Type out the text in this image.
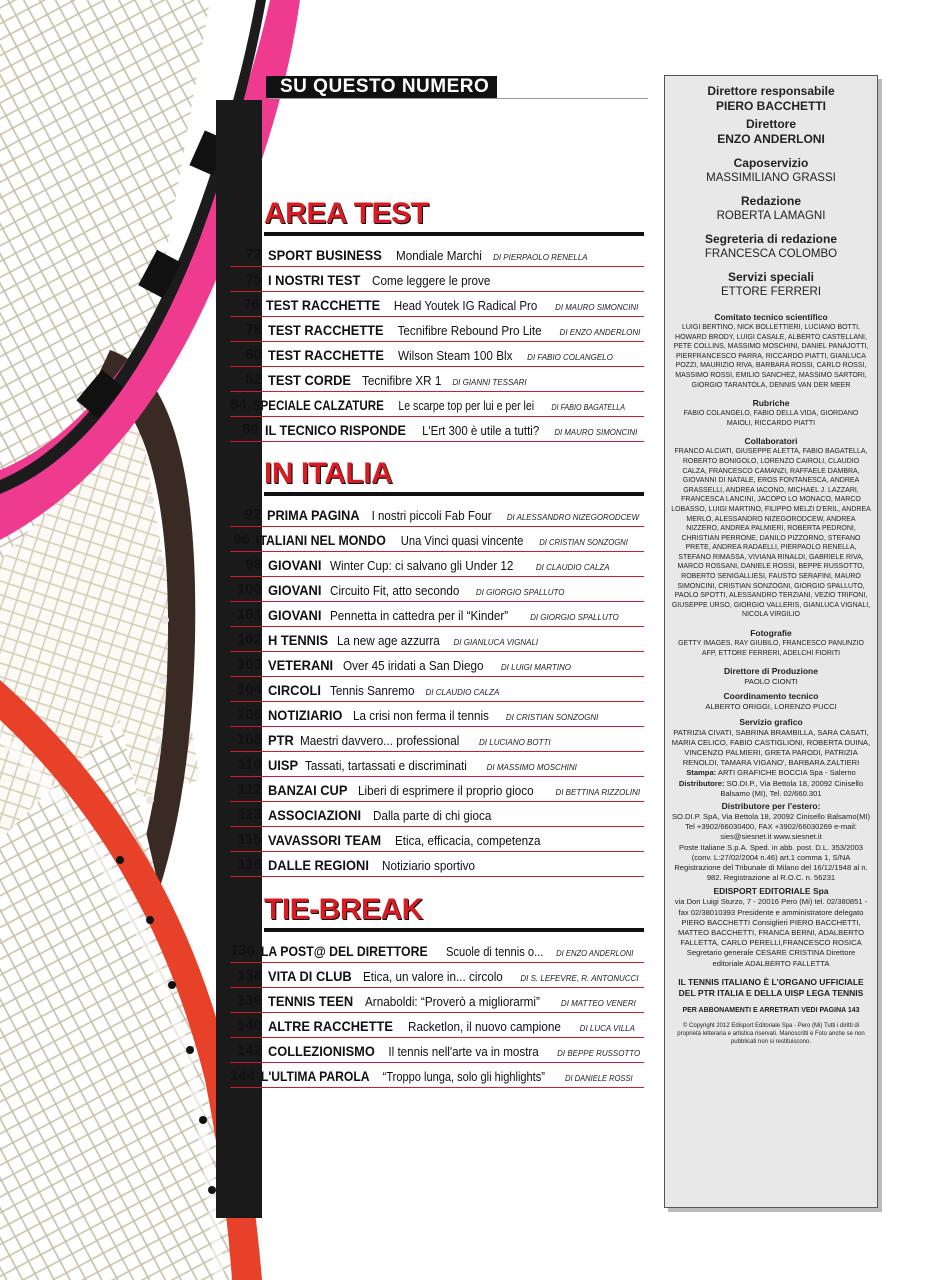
SU QUESTO NUMERO
AREA TEST
72 SPORT BUSINESS Mondiale Marchi DI PIERPAOLO RENELLA
75 I NOSTRI TEST Come leggere le prove
76 TEST RACCHETTE Head Youtek IG Radical Pro DI MAURO SIMONCINI
78 TEST RACCHETTE Tecnifibre Rebound Pro Lite DI ENZO ANDERLONI
80 TEST RACCHETTE Wilson Steam 100 Blx DI FABIO COLANGELO
82 TEST CORDE Tecnifibre XR 1 DI GIANNI TESSARI
84 SPECIALE CALZATURE Le scarpe top per lui e per lei DI FABIO BAGATELLA
89 IL TECNICO RISPONDE L'Ert 300 è utile a tutti? DI MAURO SIMONCINI
92 PRIMA PAGINA I nostri piccoli Fab Four DI ALESSANDRO NIZEGORODCEW
96 ITALIANI NEL MONDO Una Vinci quasi vincente DI CRISTIAN SONZOGNI
98 GIOVANI Winter Cup: ci salvano gli Under 12	DI CLAUDIO CALZA
100 GIOVANI Circuito Fit, atto secondo DI GIORGIO SPALLUTO
101 GIOVANI Pennetta in cattedra per il “Kinder”	DI GIORGIO SPALLUTO
102 H TENNIS La new age azzurra DI GIANLUCA VIGNALI
103 VETERANI Over 45 iridati a San Diego DI LUIGI MARTINO
104 CIRCOLI Tennis Sanremo DI CLAUDIO CALZA
106 NOTIZIARIO La crisi non ferma il tennis DI CRISTIAN SONZOGNI
108 PTR Maestri davvero... professional DI LUCIANO BOTTI
110 UISP Tassati, tartassati e discriminati DI MASSIMO MOSCHINI
112 BANZAI CUP Liberi di esprimere il proprio gioco	DI BETTINA RIZZOLINI
113 ASSOCIAZIONI Dalla parte di chi gioca
115 VAVASSORI TEAM Etica, efficacia, competenza
116 DALLE REGIONI Notiziario sportivo
136 LA POST@ DEL DIRETTORE Scuole di tennis o... DI ENZO ANDERLONI
138 VITA DI CLUB Etica, un valore in... circolo DI S. LEFEVRE, R. ANTONUCCI
139 TENNIS TEEN Arnaboldi: “Proverò a migliorarmi”	DI MATTEO VENERI
140 ALTRE RACCHETTE Racketlon, il nuovo campione DI LUCA VILLA
142 COLLEZIONISMO Il tennis nell'arte va in mostra DI BEPPE RUSSOTTO
144 L'ULTIMA PAROLA “Troppo lunga, solo gli highlights” DI DANIELE ROSSI
IN ITALIA
TIE-BREAK
Direttore responsabile
PIERO BACCHETTI
Direttore
ENZO ANDERLONI
Caposervizio
MASSIMILIANO GRASSI
Redazione
ROBERTA LAMAGNI
Segreteria di redazione
FRANCESCA COLOMBO
Servizi speciali
ETTORE FERRERI
Comitato tecnico scientifico
LUIGI BERTINO, NICK BOLLETTIERI, LUCIANO BOTTI, HOWARD BRODY, LUIGI CASALE, ALBERTO CASTELLANI, PETE COLLINS, MASSIMO MOSCHINI, DANIEL PANAJOTTI, PIERFRANCESCO PARRA, RICCARDO PIATTI, GIANLUCA POZZI, MAURIZIO RIVA, BARBARA ROSSI, CARLO ROSSI, MASSIMO ROSSI, EMILIO SANCHEZ, MASSIMO SARTORI, GIORGIO TARANTOLA, DENNIS VAN DER MEER
Rubriche
FABIO COLANGELO, FABIO DELLA VIDA, GIORDANO MAIOLI, RICCARDO PIATTI
Collaboratori
FRANCO ALCIATI, GIUSEPPE ALETTA, FABIO BAGATELLA, ROBERTO BONIGOLO, LORENZO CAIROLI, CLAUDIO CALZA, FRANCESCO CAMANZI, RAFFAELE DAMBRA, GIOVANNI DI NATALE, EROS FONTANESCA, ANDREA GRASSELLI, ANDREA IACONO, MICHAEL J. LAZZARI, FRANCESCA LANCINI, JACOPO LO MONACO, MARCO LOBASSO, LUIGI MARTINO, FILIPPO MELZI D'ERIL, ANDREA MERLO, ALESSANDRO NIZEGORODCEW, ANDREA NIZZERO, ANDREA PALMIERI, ROBERTA PEDRONI, CHRISTIAN PERRONE, DANILO PIZZORNO, STEFANO PRETE, ANDREA RADAELLI, PIERPAOLO RENELLA, STEFANO RIMASSA, VIVIANA RINALDI, GABRIELE RIVA, MARCO ROSSANI, DANIELE ROSSI, BEPPE RUSSOTTO, ROBERTO SENIGALLIESI, FAUSTO SERAFINI, MAURO SIMONCINI, CRISTIAN SONZOGNI, GIORGIO SPALLUTO, PAOLO SPOTTI, ALESSANDRO TERZIANI, VEZIO TRIFONI, GIUSEPPE URSO, GIORGIO VALLERIS, GIANLUCA VIGNALI, NICOLA VIRGILIO
Fotografie
GETTY IMAGES, RAY GIUBILO, FRANCESCO PANUNZIO AFP, ETTORE FERRERI, ADELCHI FIORITI
Direttore di Produzione
PAOLO CIONTI
Coordinamento tecnico
ALBERTO ORIGGI, LORENZO PUCCI
Servizio grafico
PATRIZIA CIVATI, SABRINA BRAMBILLA, SARA CASATI, MARIA CELICO, FABIO CASTIGLIONI, ROBERTA DUINA, VINCENZO PALMIERI, GRETA PARODI, PATRIZIA RENOLDI, TAMARA VIGANO', BARBARA ZALTIERI
Stampa: ARTI GRAFICHE BOCCIA Spa - Salerno
Distributore: SO.DI.P., Via Bettola 18, 20092 Cinisello Balsamo (MI), Tel. 02/660.301
Distributore per l'estero:
SO.DI.P. SpA, Via Bettola 18, 20092 Cinisello Balsamo(MI) Tel +3902/66030400, FAX +3902/66030269 e-mail: sies@siesnet.it www.siesnet.it
Poste Italiane S.p.A. Sped. in abb. post. D.L. 353/2003 (conv. L:27/02/2004 n.46) art.1 comma 1, S/NA Registrazione del Tribunale di Milano del 16/12/1948 al n. 982. Registrazione al R.O.C. n. 56231
EDISPORT EDITORIALE Spa
via Don Luigi Sturzo, 7 - 20016 Pero (Mi) tel. 02/380851 - fax 02/38010393 Presidente e amministratore delegato PIERO BACCHETTI Consiglieri PIERO BACCHETTI, MATTEO BACCHETTI, FRANCA BERNI, ADALBERTO FALLETTA, CARLO PERELLI,FRANCESCO ROSICA Segretario generale CESARE CRISTINA Direttore editoriale ADALBERTO FALLETTA
IL TENNIS ITALIANO È L'ORGANO UFFICIALE DEL PTR ITALIA E DELLA UISP LEGA TENNIS
PER ABBONAMENTI E ARRETRATI VEDI PAGINA 143
© Copyright 2012 Edisport Editoriale Spa - Pero (Mi) Tutti i diritti di proprietà letteraria e artistica riservati. Manoscritti e Foto anche se non pubblicati non si restituiscono.
